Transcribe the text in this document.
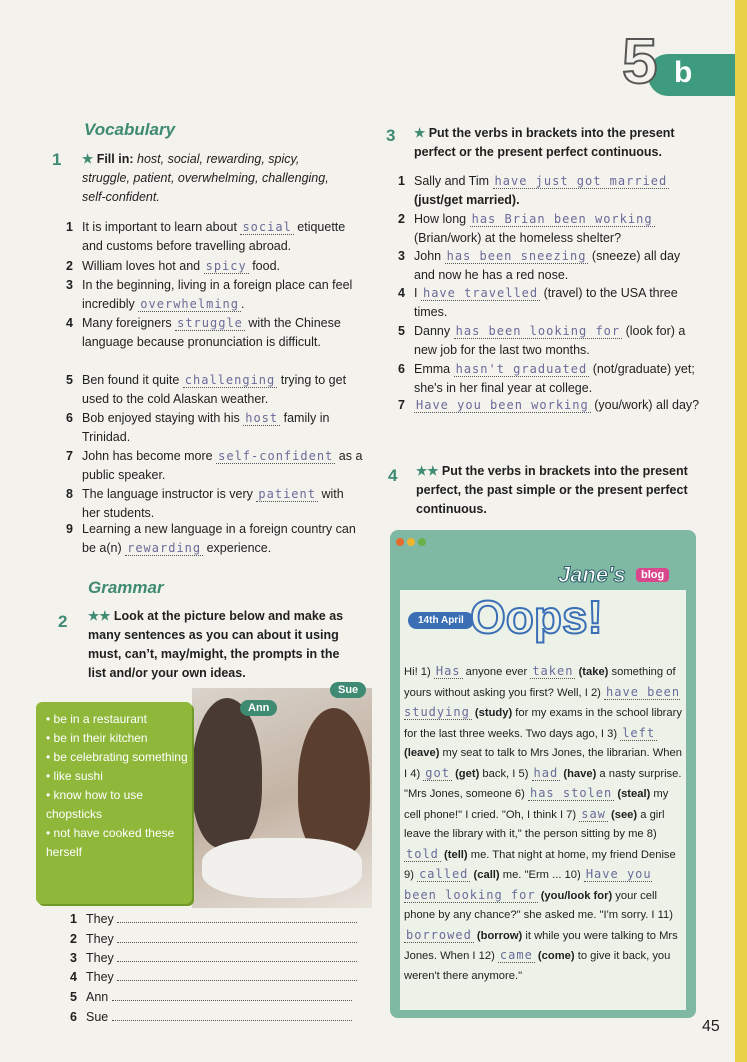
5 b
Vocabulary
1 ★ Fill in: host, social, rewarding, spicy, struggle, patient, overwhelming, challenging, self-confident.
1 It is important to learn about social etiquette and customs before travelling abroad.
2 William loves hot and spicy food.
3 In the beginning, living in a foreign place can feel incredibly overwhelming .
4 Many foreigners struggle with the Chinese language because pronunciation is difficult.
5 Ben found it quite challenging trying to get used to the cold Alaskan weather.
6 Bob enjoyed staying with his host family in Trinidad.
7 John has become more self-confident as a public speaker.
8 The language instructor is very patient with her students.
9 Learning a new language in a foreign country can be a(n) rewarding experience.
Grammar
2 ★★ Look at the picture below and make as many sentences as you can about it using must, can’t, may/might, the prompts in the list and/or your own ideas.
Ann
Sue
• be in a restaurant
• be in their kitchen
• be celebrating something
• like sushi
• know how to use chopsticks
• not have cooked these herself
1 They
2 They
3 They
4 They
5 Ann
6 Sue
3 ★ Put the verbs in brackets into the present perfect or the present perfect continuous.
1 Sally and Tim have just got married (just/get married).
2 How long has Brian been working (Brian/work) at the homeless shelter?
3 John has been sneezing (sneeze) all day and now he has a red nose.
4 I have travelled (travel) to the USA three times.
5 Danny has been looking for (look for) a new job for the last two months.
6 Emma hasn't graduated (not/graduate) yet; she's in her final year at college.
7 Have you been working (you/work) all day?
4 ★★ Put the verbs in brackets into the present perfect, the past simple or the present perfect continuous.
Jane's	blog
14th April Oops!
Hi! 1) Has anyone ever taken (take) something of yours without asking you first? Well, I 2) have been studying (study) for my exams in the school library for the last three weeks. Two days ago, I 3) left (leave) my seat to talk to Mrs Jones, the librarian. When I 4) got (get) back, I 5) had (have) a nasty surprise. "Mrs Jones, someone 6) has stolen (steal) my cell phone!" I cried. "Oh, I think I 7) saw (see) a girl leave the library with it," the person sitting by me 8) told (tell) me. That night at home, my friend Denise 9) called (call) me. "Erm ... 10) Have you been looking for (you/look for) your cell phone by any chance?" she asked me. "I'm sorry. I 11) borrowed (borrow) it while you were talking to Mrs Jones. When I 12) came (come) to give it back, you weren't there anymore."
45
